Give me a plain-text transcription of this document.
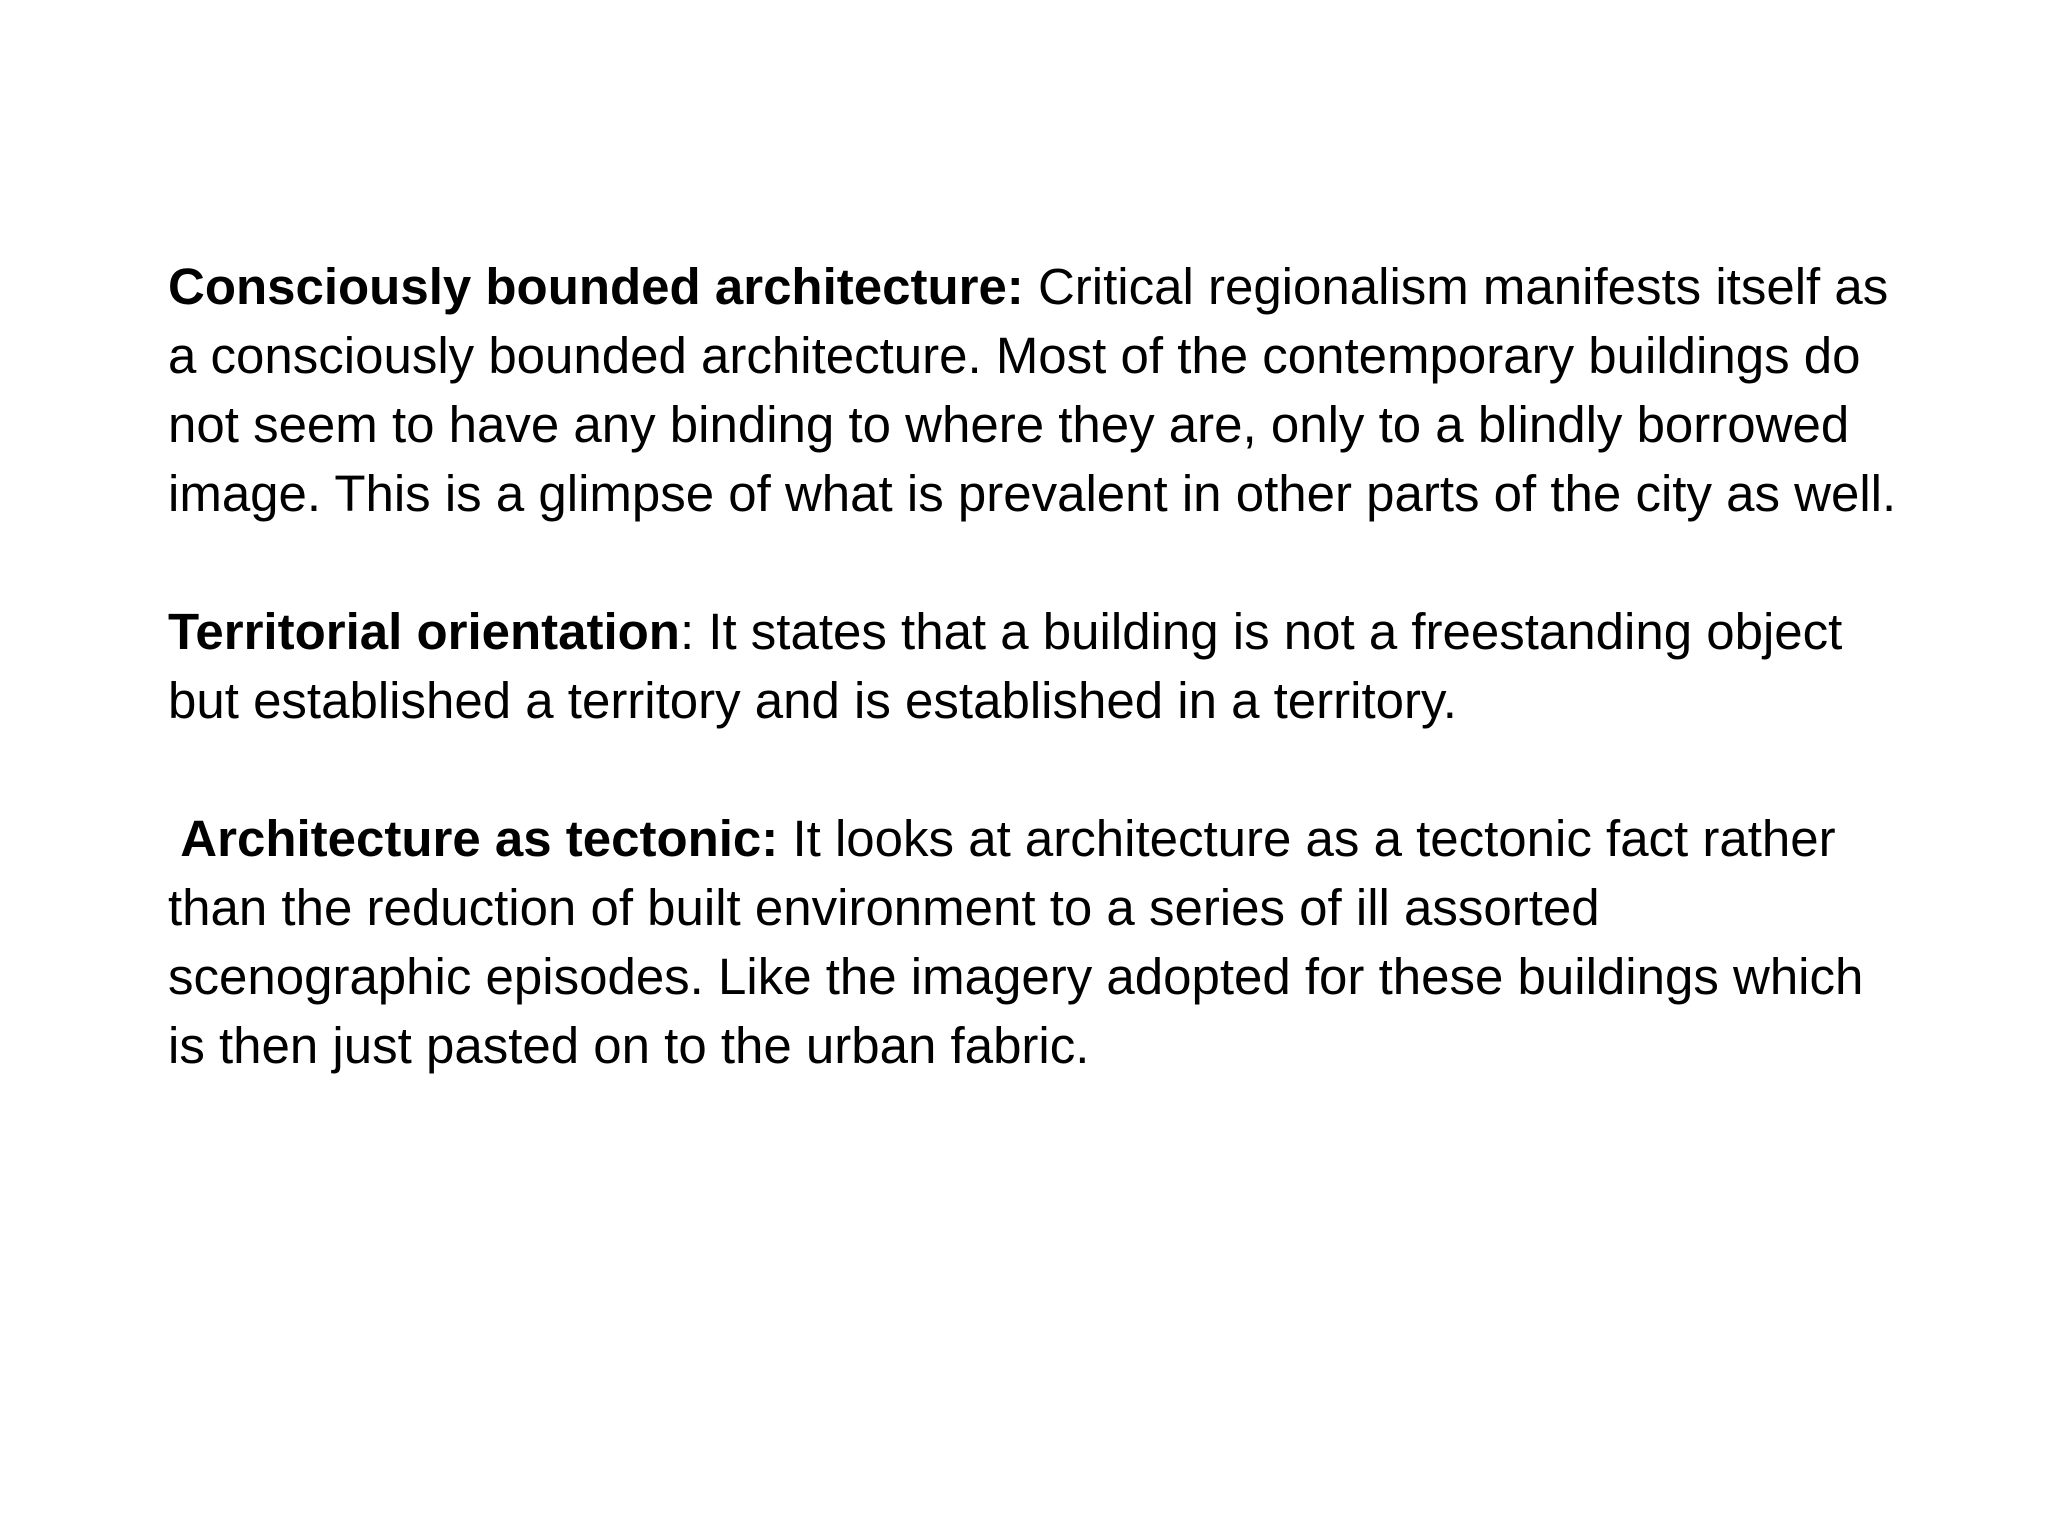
Consciously bounded architecture: Critical regionalism manifests itself as a consciously bounded architecture. Most of the contemporary buildings do not seem to have any binding to where they are, only to a blindly borrowed image. This is a glimpse of what is prevalent in other parts of the city as well.

Territorial orientation: It states that a building is not a freestanding object but established a territory and is established in a territory.

Architecture as tectonic: It looks at architecture as a tectonic fact rather than the reduction of built environment to a series of ill assorted scenographic episodes. Like the imagery adopted for these buildings which is then just pasted on to the urban fabric.
